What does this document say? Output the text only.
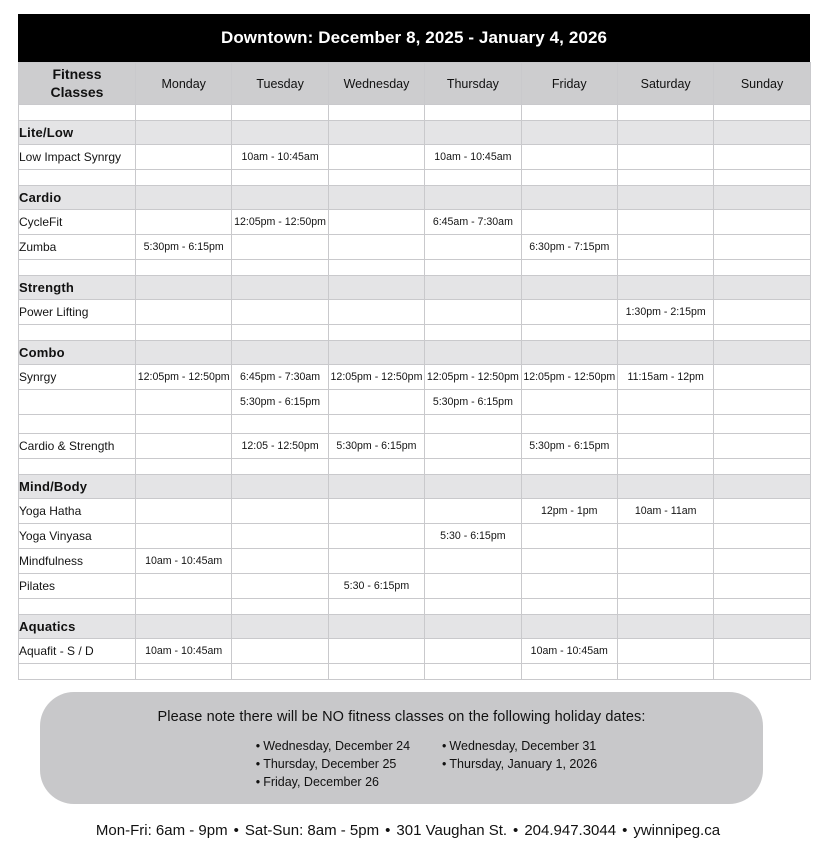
Downtown: December 8, 2025 - January 4, 2026
Fitness
Classes	Monday	Tuesday	Wednesday	Thursday	Friday	Saturday	Sunday

Lite/Low							
Low Impact Synrgy		10am - 10:45am		10am - 10:45am			

Cardio							
CycleFit		12:05pm - 12:50pm		6:45am - 7:30am			
Zumba	5:30pm - 6:15pm				6:30pm - 7:15pm		

Strength							
Power Lifting						1:30pm - 2:15pm	

Combo							
Synrgy	12:05pm - 12:50pm	6:45pm - 7:30am	12:05pm - 12:50pm	12:05pm - 12:50pm	12:05pm - 12:50pm	11:15am - 12pm	
		5:30pm - 6:15pm		5:30pm - 6:15pm			

Cardio & Strength		12:05 - 12:50pm	5:30pm - 6:15pm		5:30pm - 6:15pm		

Mind/Body							
Yoga Hatha					12pm - 1pm	10am - 11am	
Yoga Vinyasa				5:30 - 6:15pm			
Mindfulness	10am - 10:45am						
Pilates			5:30 - 6:15pm				

Aquatics							
Aquafit - S / D	10am - 10:45am				10am - 10:45am		

Please note there will be NO fitness classes on the following holiday dates:
• Wednesday, December 24
• Thursday, December 25
• Friday, December 26
• Wednesday, December 31
• Thursday, January 1, 2026
Mon-Fri: 6am - 9pm • Sat-Sun: 8am - 5pm • 301 Vaughan St. • 204.947.3044 • ywinnipeg.ca
